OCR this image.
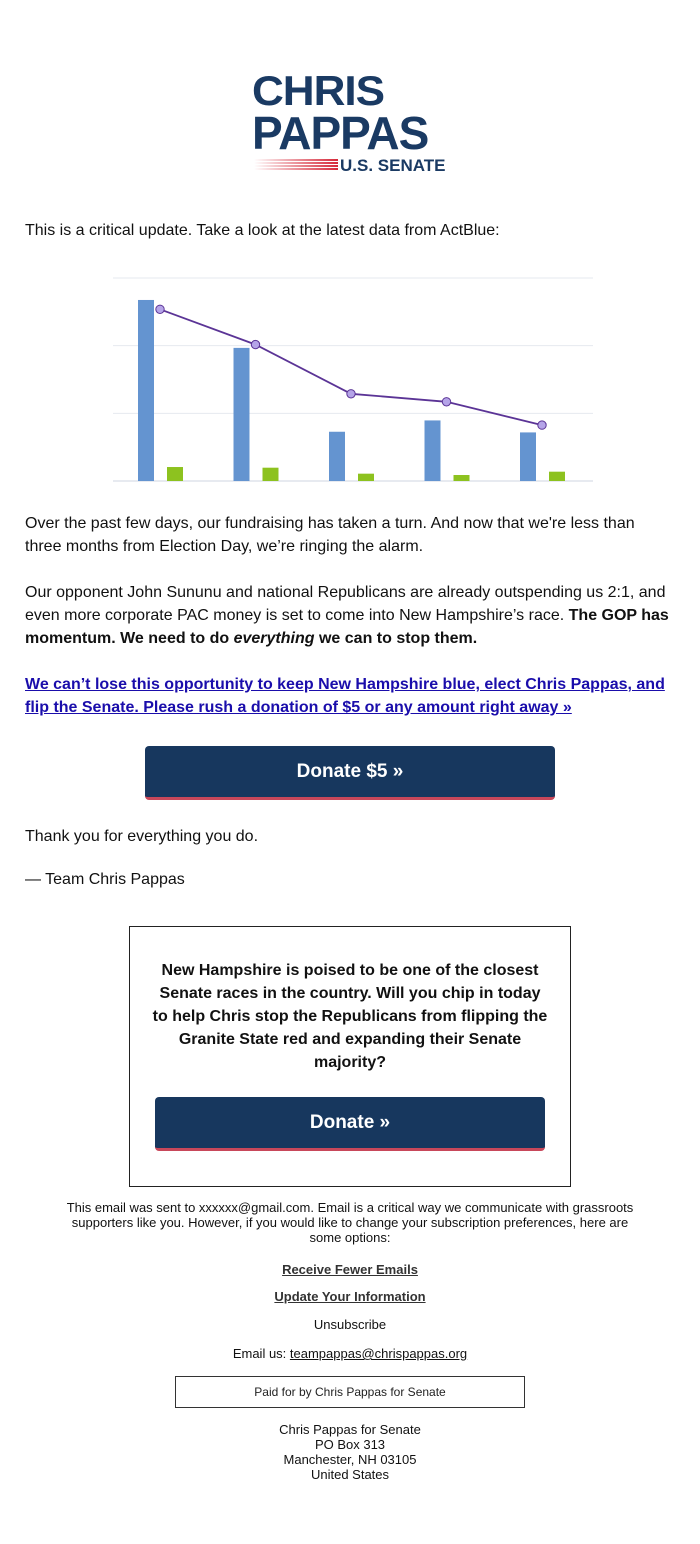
CHRIS
PAPPAS
U.S. SENATE

This is a critical update. Take a look at the latest data from ActBlue:

Over the past few days, our fundraising has taken a turn. And now that we're less than three months from Election Day, we’re ringing the alarm.

Our opponent John Sununu and national Republicans are already outspending us 2:1, and even more corporate PAC money is set to come into New Hampshire’s race. The GOP has momentum. We need to do everything we can to stop them.

We can’t lose this opportunity to keep New Hampshire blue, elect Chris Pappas, and flip the Senate. Please rush a donation of $5 or any amount right away »

Donate $5 »

Thank you for everything you do.

— Team Chris Pappas

New Hampshire is poised to be one of the closest Senate races in the country. Will you chip in today to help Chris stop the Republicans from flipping the Granite State red and expanding their Senate majority?
Donate »
This email was sent to xxxxxx@gmail.com. Email is a critical way we communicate with grassroots supporters like you. However, if you would like to change your subscription preferences, here are some options:
Receive Fewer Emails
Update Your Information
Unsubscribe
Email us: teampappas@chrispappas.org
Paid for by Chris Pappas for Senate
Chris Pappas for Senate
PO Box 313
Manchester, NH 03105
United States
